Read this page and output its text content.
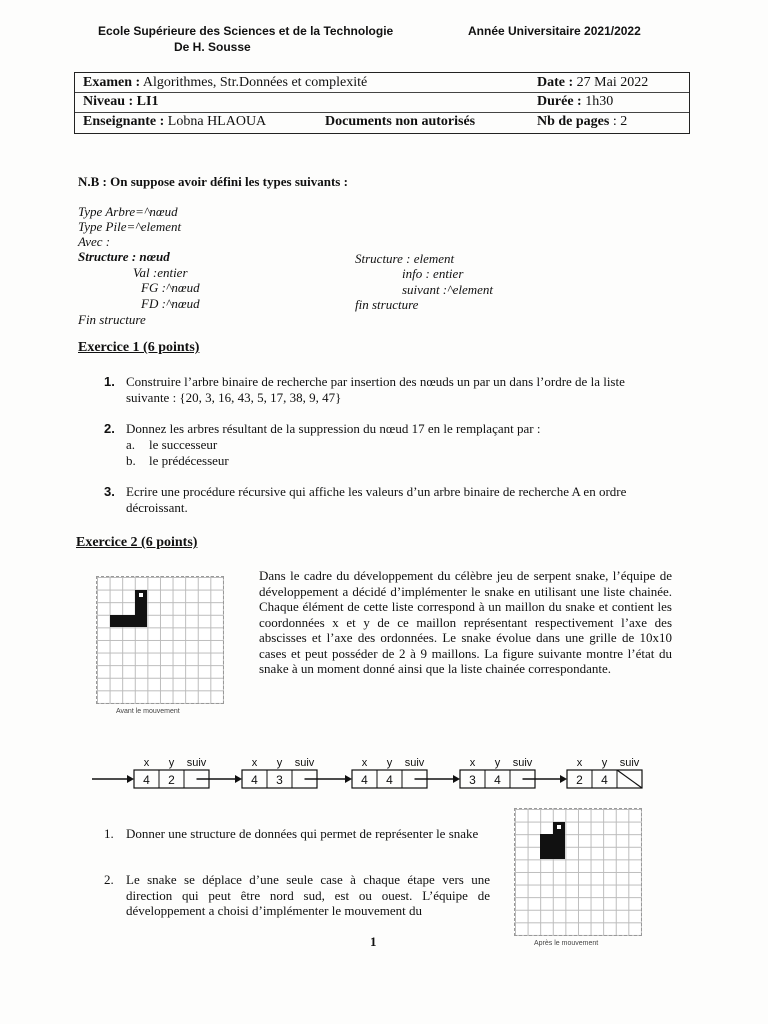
Ecole Supérieure des Sciences et de la Technologie
De H. Sousse
Année Universitaire 2021/2022
Examen : Algorithmes, Str.Données et complexité	Date : 27 Mai 2022
Niveau : LI1	Durée : 1h30
Enseignante : Lobna HLAOUA	Documents non autorisés	Nb de pages : 2
N.B : On suppose avoir défini les types suivants :
Type Arbre=^nœud
Type Pile=^element
Avec :
Structure : nœud
Val :entier
FG :^nœud
FD :^nœud
Fin structure
Structure : element
info : entier
suivant :^element
fin structure
Exercice 1 (6 points)
1. Construire l’arbre binaire de recherche par insertion des nœuds un par un dans l’ordre de la liste suivante : {20, 3, 16, 43, 5, 17, 38, 9, 47}
2. Donnez les arbres résultant de la suppression du nœud 17 en le remplaçant par :
a. le successeur
b. le prédécesseur
3. Ecrire une procédure récursive qui affiche les valeurs d’un arbre binaire de recherche A en ordre décroissant.
Exercice 2 (6 points)
Avant le mouvement
Dans le cadre du développement du célèbre jeu de serpent snake, l’équipe de développement a décidé d’implémenter le snake en utilisant une liste chainée. Chaque élément de cette liste correspond à un maillon du snake et contient les coordonnées x et y de ce maillon représentant respectivement l’axe des abscisses et l’axe des ordonnées. Le snake évolue dans une grille de 10x10 cases et peut posséder de 2 à 9 maillons. La figure suivante montre l’état du snake à un moment donné ainsi que la liste chainée correspondante.
x y suiv
4 2
x y suiv
4 3
x y suiv
4 4
x y suiv
3 4
x y suiv
2 4
1. Donner une structure de données qui permet de représenter le snake
2. Le snake se déplace d’une seule case à chaque étape vers une direction qui peut être nord sud, est ou ouest. L’équipe de développement a choisi d’implémenter le mouvement du
Après le mouvement
1
